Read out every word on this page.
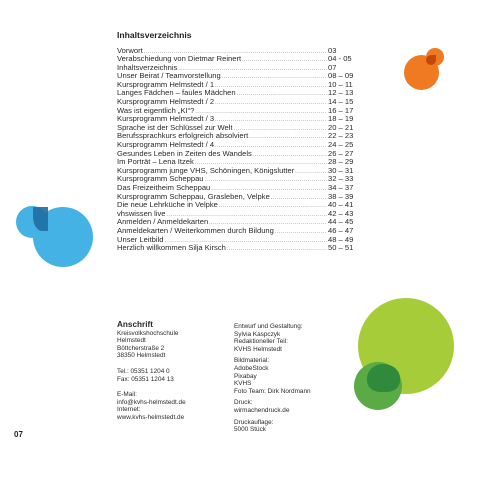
Inhaltsverzeichnis
Vorwort .....	03
Verabschiedung von Dietmar Reinert .....	04 - 05
Inhaltsverzeichnis .....	07
Unser Beirat / Teamvorstellung .....	08 – 09
Kursprogramm Helmstedt / 1 .....	10 – 11
Langes Fädchen – faules Mädchen .....	12 – 13
Kursprogramm Helmstedt / 2 .....	14 – 15
Was ist eigentlich „KI“? .....	16 – 17
Kursprogramm Helmstedt / 3 .....	18 – 19
Sprache ist der Schlüssel zur Welt .....	20 – 21
Berufssprachkurs erfolgreich absolviert .....	22 – 23
Kursprogramm Helmstedt / 4 .....	24 – 25
Gesundes Leben in Zeiten des Wandels .....	26 – 27
Im Porträt – Lena Itzek .....	28 – 29
Kursprogramm junge VHS, Schöningen, Königslutter .....	30 – 31
Kursprogramm Scheppau .....	32 – 33
Das Freizeitheim Scheppau .....	34 – 37
Kursprogramm Scheppau, Grasleben, Velpke .....	38 – 39
Die neue Lehrküche in Velpke .....	40 – 41
vhswissen live .....	42 – 43
Anmelden / Anmeldekarten .....	44 – 45
Anmeldekarten / Weiterkommen durch Bildung .....	46 – 47
Unser Leitbild .....	48 – 49
Herzlich willkommen Silja Kirsch .....	50 – 51
Anschrift
Kreisvolkshochschule
Helmstedt
Böttcherstraße 2
38350 Helmstedt
Tel.: 05351 1204 0
Fax: 05351 1204 13
E-Mail:
info@kvhs-helmstedt.de
Internet:
www.kvhs-helmstedt.de
Entwurf und Gestaltung:
Sylvia Kaspczyk
Redaktioneller Teil:
KVHS Helmstedt
Bildmaterial:
AdobeStock
Pixabay
KVHS
Foto Team: Dirk Nordmann
Druck:
wirmachendruck.de
Druckauflage:
5000 Stück
07
